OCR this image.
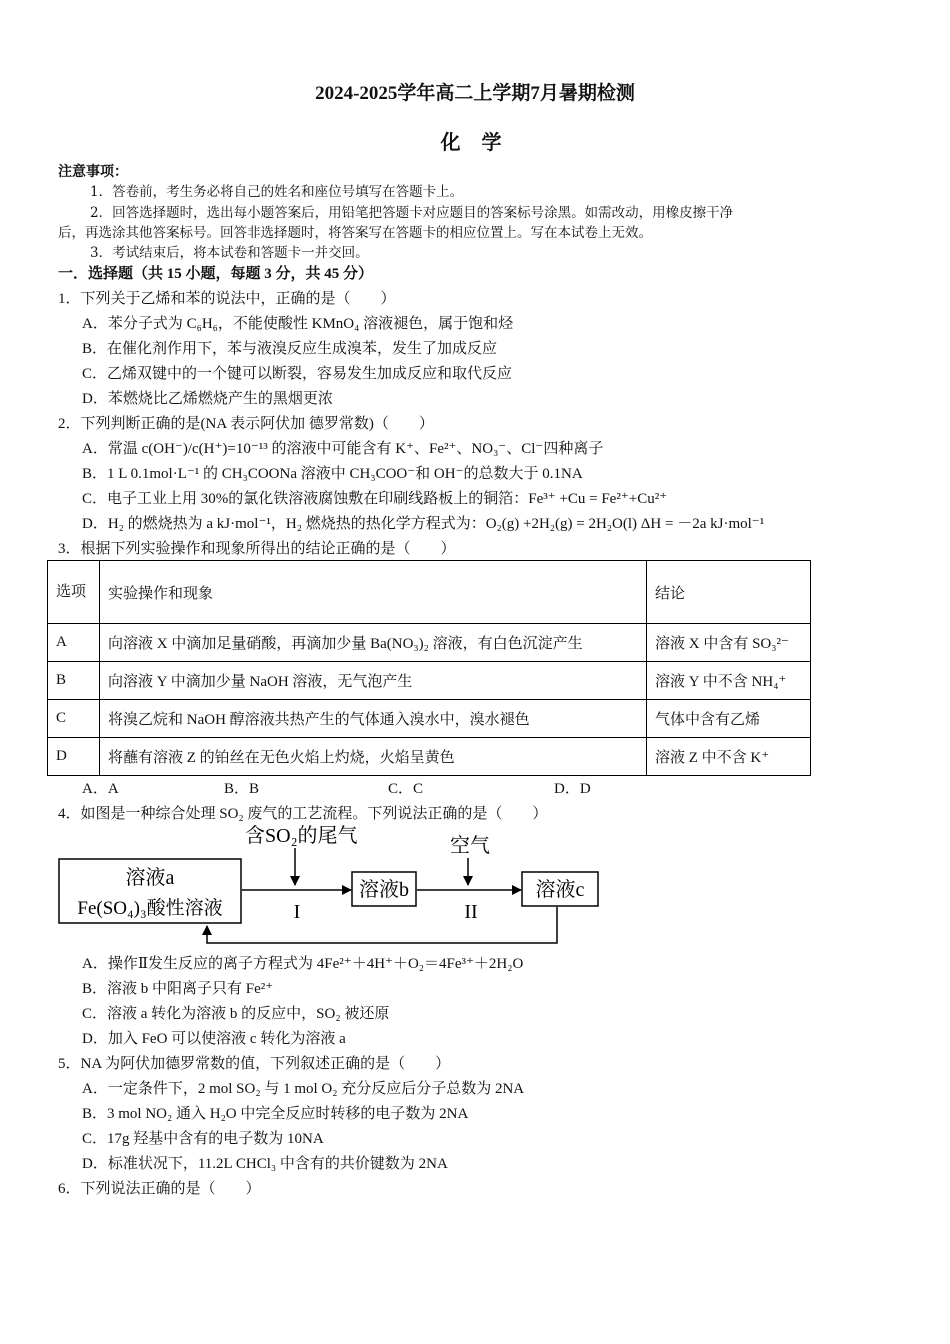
2024-2025学年高二上学期7月暑期检测
化 学
注意事项：
1．答卷前，考生务必将自己的姓名和座位号填写在答题卡上。
2．回答选择题时，选出每小题答案后，用铅笔把答题卡对应题目的答案标号涂黑。如需改动，用橡皮擦干净
后，再选涂其他答案标号。回答非选择题时，将答案写在答题卡的相应位置上。写在本试卷上无效。
3．考试结束后，将本试卷和答题卡一并交回。
一．选择题（共 15 小题，每题 3 分，共 45 分）
1．下列关于乙烯和苯的说法中，正确的是（　　）
A．苯分子式为 C₆H₆，不能使酸性 KMnO₄ 溶液褪色，属于饱和烃
B．在催化剂作用下，苯与液溴反应生成溴苯，发生了加成反应
C．乙烯双键中的一个键可以断裂，容易发生加成反应和取代反应
D．苯燃烧比乙烯燃烧产生的黑烟更浓
2．下列判断正确的是(NA 表示阿伏加 德罗常数)（　　）
A．常温 c(OH⁻)/c(H⁺)=10⁻¹³ 的溶液中可能含有 K⁺、Fe²⁺、NO₃⁻、Cl⁻四种离子
B．1 L 0.1mol·L⁻¹ 的 CH₃COONa 溶液中 CH₃COO⁻和 OH⁻的总数大于 0.1NA
C．电子工业上用 30%的氯化铁溶液腐蚀敷在印刷线路板上的铜箔：Fe³⁺ +Cu = Fe²⁺+Cu²⁺
D．H₂ 的燃烧热为 a kJ·mol⁻¹，H₂ 燃烧热的热化学方程式为：O₂(g) +2H₂(g) = 2H₂O(l) ΔH = －2a kJ·mol⁻¹
3．根据下列实验操作和现象所得出的结论正确的是（　　）
选项	实验操作和现象	结论
A	向溶液 X 中滴加足量硝酸，再滴加少量 Ba(NO₃)₂ 溶液，有白色沉淀产生	溶液 X 中含有 SO₃²⁻
B	向溶液 Y 中滴加少量 NaOH 溶液，无气泡产生	溶液 Y 中不含 NH₄⁺
C	将溴乙烷和 NaOH 醇溶液共热产生的气体通入溴水中，溴水褪色	气体中含有乙烯
D	将蘸有溶液 Z 的铂丝在无色火焰上灼烧，火焰呈黄色	溶液 Z 中不含 K⁺
A．A	B．B	C．C	D．D
4．如图是一种综合处理 SO₂ 废气的工艺流程。下列说法正确的是（　　）
含SO₂的尾气	空气
溶液a
Fe(SO₄)₃酸性溶液
溶液b	溶液c
I	II
A．操作Ⅱ发生反应的离子方程式为 4Fe²⁺＋4H⁺＋O₂＝4Fe³⁺＋2H₂O
B．溶液 b 中阳离子只有 Fe²⁺
C．溶液 a 转化为溶液 b 的反应中，SO₂ 被还原
D．加入 FeO 可以使溶液 c 转化为溶液 a
5．NA 为阿伏加德罗常数的值，下列叙述正确的是（　　）
A．一定条件下，2 mol SO₂ 与 1 mol O₂ 充分反应后分子总数为 2NA
B．3 mol NO₂ 通入 H₂O 中完全反应时转移的电子数为 2NA
C．17g 羟基中含有的电子数为 10NA
D．标准状况下，11.2L CHCl₃ 中含有的共价键数为 2NA
6．下列说法正确的是（　　）
